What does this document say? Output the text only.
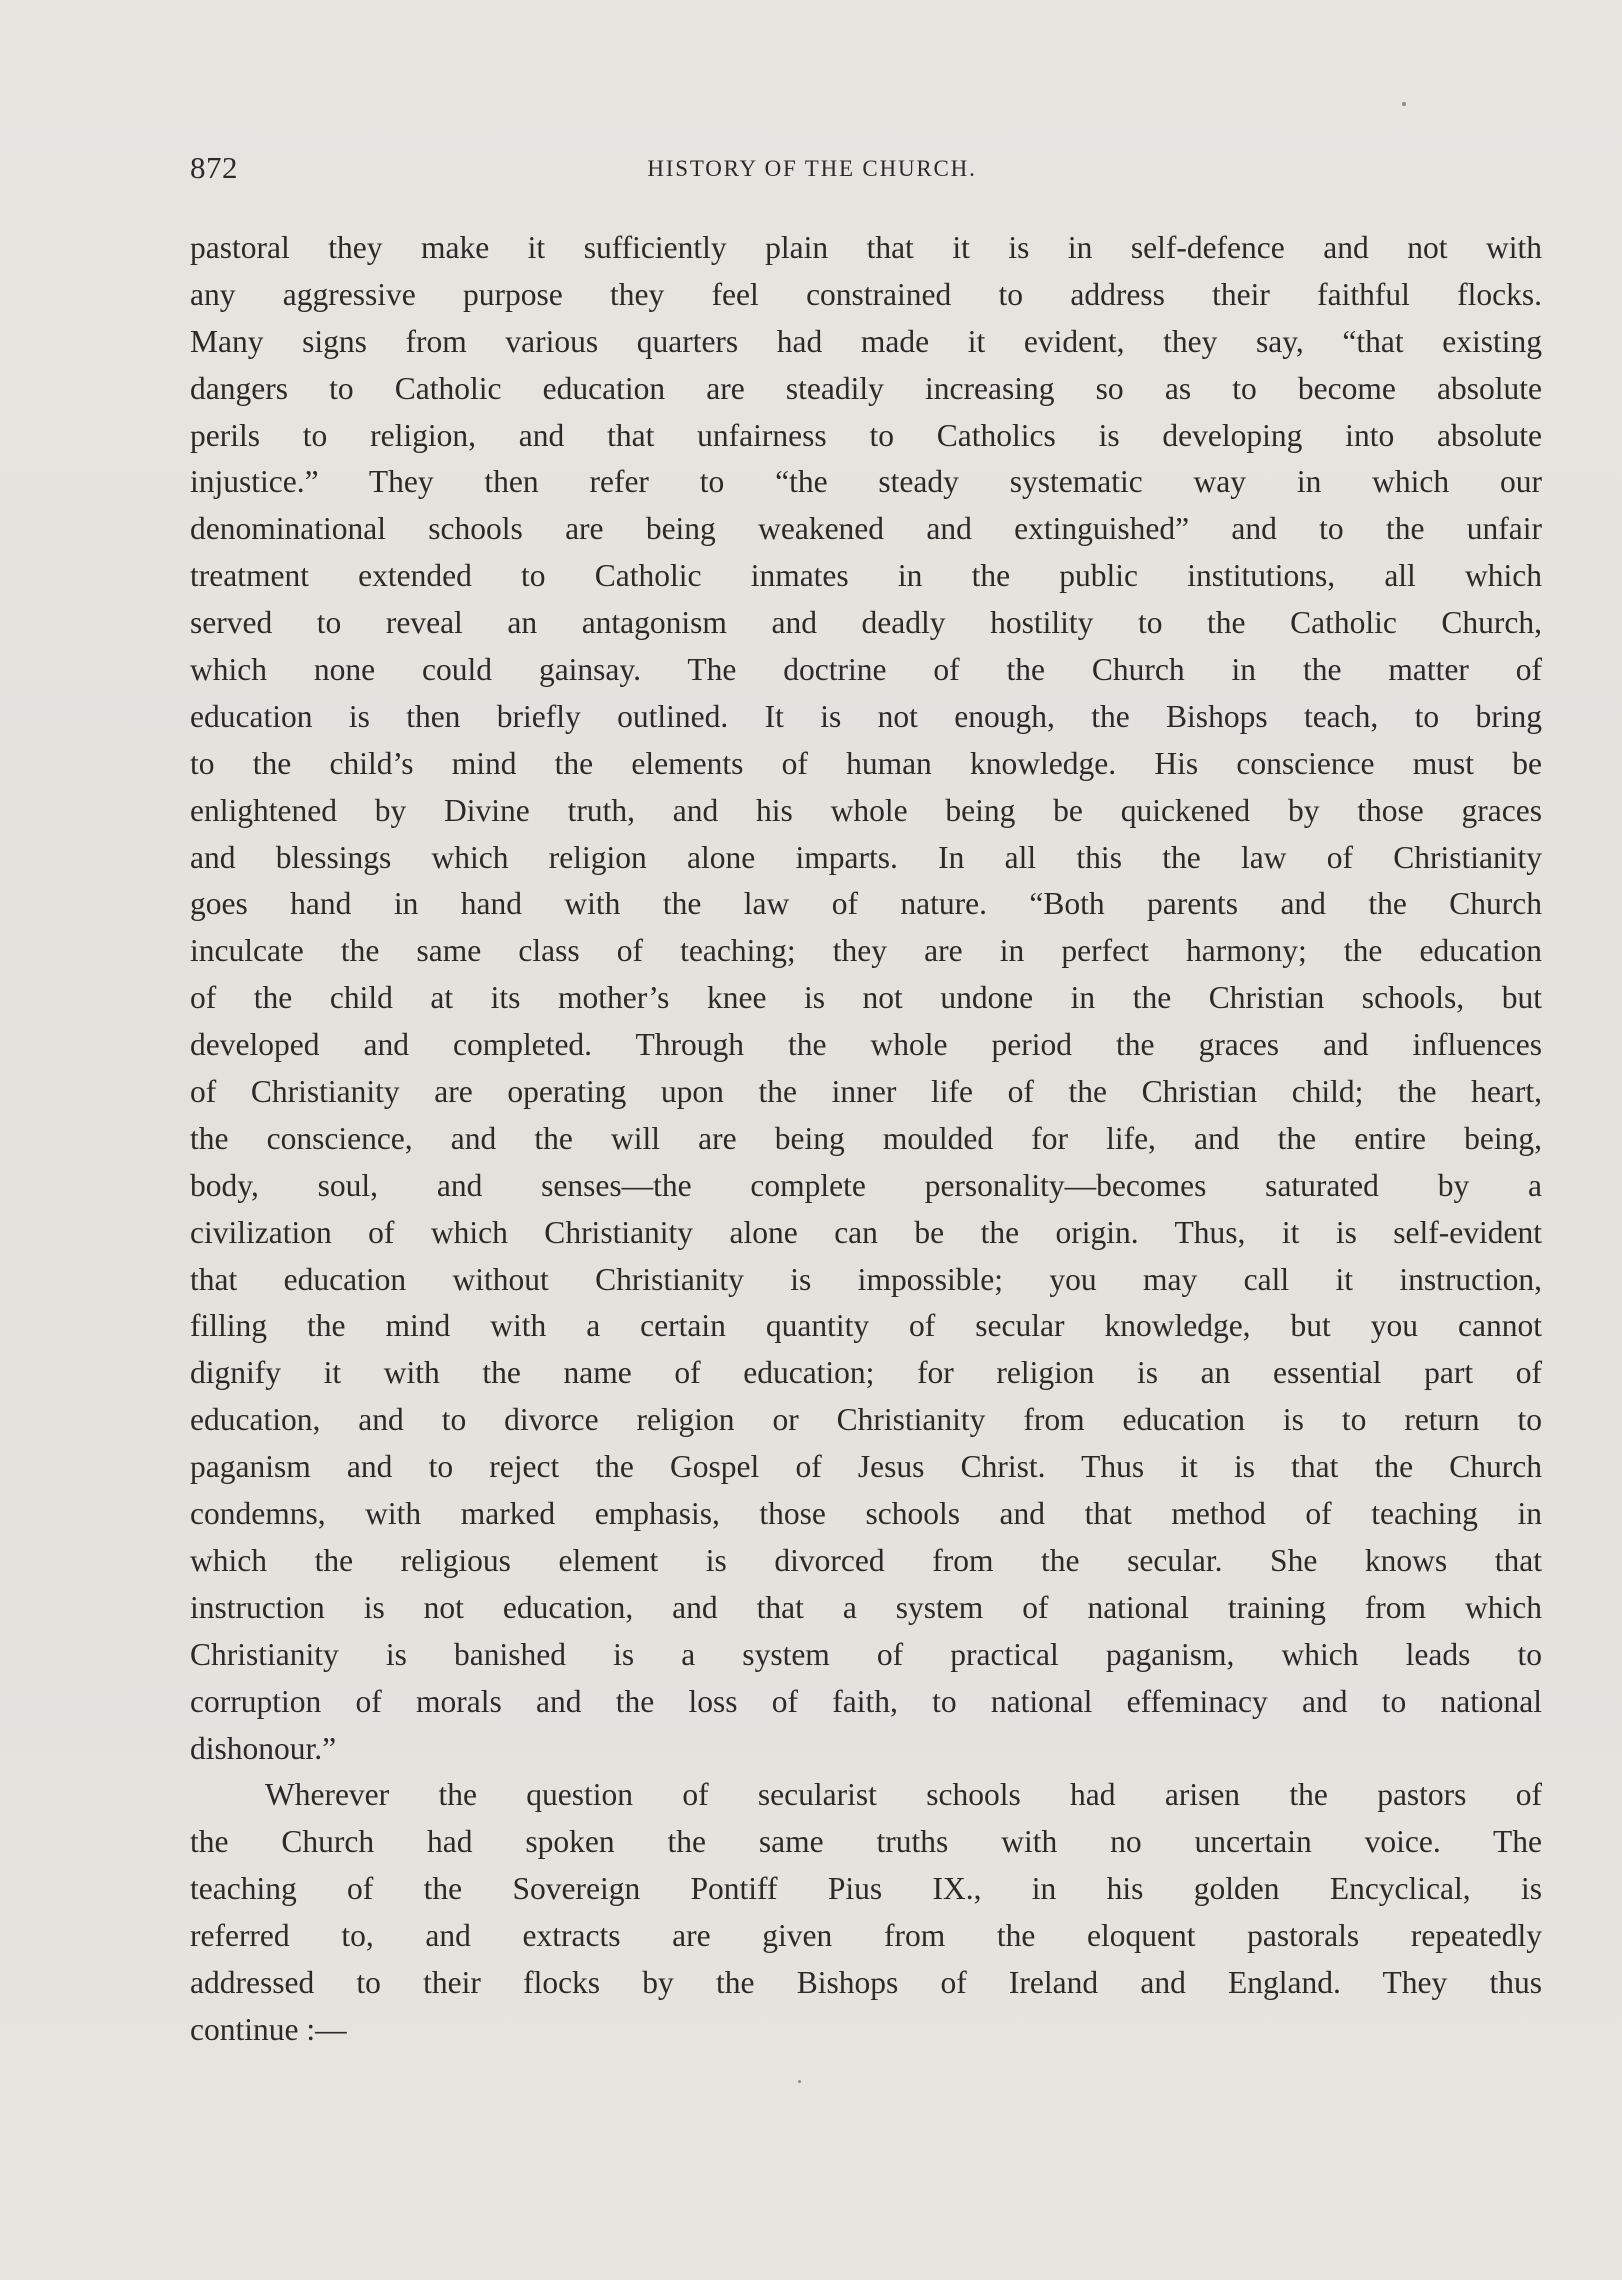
872	HISTORY OF THE CHURCH.
pastoral they make it sufficiently plain that it is in self-defence and not with
any aggressive purpose they feel constrained to address their faithful flocks.
Many signs from various quarters had made it evident, they say, “that existing
dangers to Catholic education are steadily increasing so as to become absolute
perils to religion, and that unfairness to Catholics is developing into absolute
injustice.” They then refer to “the steady systematic way in which our
denominational schools are being weakened and extinguished” and to the unfair
treatment extended to Catholic inmates in the public institutions, all which
served to reveal an antagonism and deadly hostility to the Catholic Church,
which none could gainsay. The doctrine of the Church in the matter of
education is then briefly outlined. It is not enough, the Bishops teach, to bring
to the child’s mind the elements of human knowledge. His conscience must be
enlightened by Divine truth, and his whole being be quickened by those graces
and blessings which religion alone imparts. In all this the law of Christianity
goes hand in hand with the law of nature. “Both parents and the Church
inculcate the same class of teaching; they are in perfect harmony; the education
of the child at its mother’s knee is not undone in the Christian schools, but
developed and completed. Through the whole period the graces and influences
of Christianity are operating upon the inner life of the Christian child; the heart,
the conscience, and the will are being moulded for life, and the entire being,
body, soul, and senses—the complete personality—becomes saturated by a
civilization of which Christianity alone can be the origin. Thus, it is self-evident
that education without Christianity is impossible; you may call it instruction,
filling the mind with a certain quantity of secular knowledge, but you cannot
dignify it with the name of education; for religion is an essential part of
education, and to divorce religion or Christianity from education is to return to
paganism and to reject the Gospel of Jesus Christ. Thus it is that the Church
condemns, with marked emphasis, those schools and that method of teaching in
which the religious element is divorced from the secular. She knows that
instruction is not education, and that a system of national training from which
Christianity is banished is a system of practical paganism, which leads to
corruption of morals and the loss of faith, to national effeminacy and to national
dishonour.”
Wherever the question of secularist schools had arisen the pastors of
the Church had spoken the same truths with no uncertain voice. The
teaching of the Sovereign Pontiff Pius IX., in his golden Encyclical, is
referred to, and extracts are given from the eloquent pastorals repeatedly
addressed to their flocks by the Bishops of Ireland and England. They thus
continue :—
